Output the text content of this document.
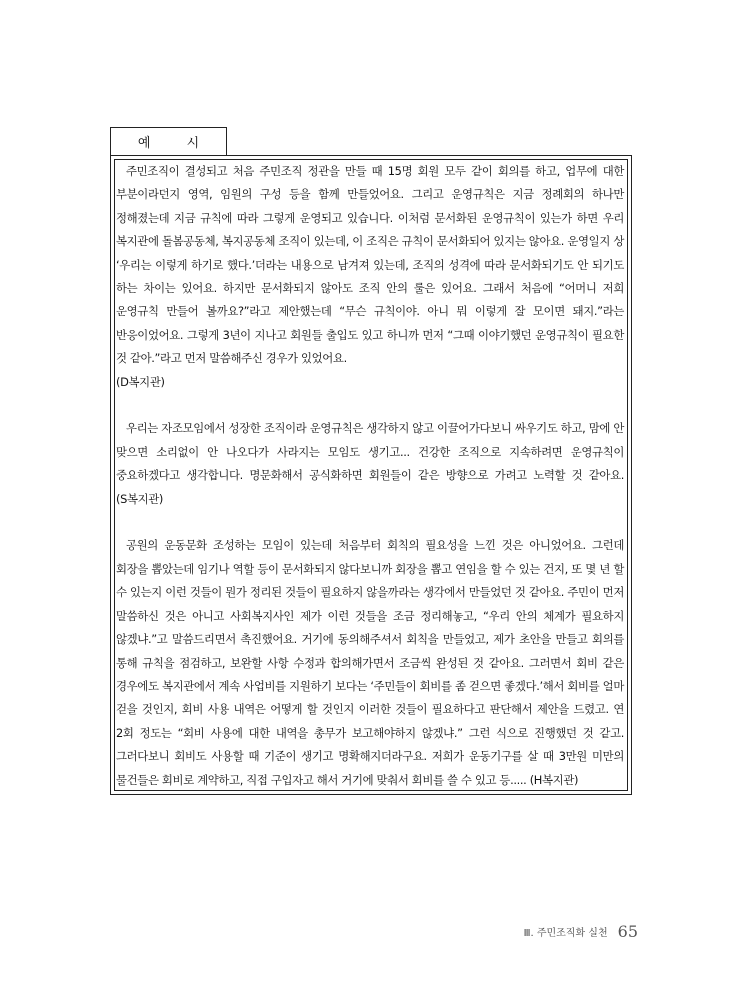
예 시

주민조직이 결성되고 처음 주민조직 정관을 만들 때 15명 회원 모두 같이 회의를 하고, 업무에 대한 부분이라던지 영역, 임원의 구성 등을 함께 만들었어요. 그리고 운영규칙은 지금 정례회의 하나만 정해졌는데 지금 규칙에 따라 그렇게 운영되고 있습니다. 이처럼 문서화된 운영규칙이 있는가 하면 우리 복지관에 돌봄공동체, 복지공동체 조직이 있는데, 이 조직은 규칙이 문서화되어 있지는 않아요. 운영일지 상 ‘우리는 이렇게 하기로 했다.’더라는 내용으로 남겨져 있는데, 조직의 성격에 따라 문서화되기도 안 되기도 하는 차이는 있어요. 하지만 문서화되지 않아도 조직 안의 룰은 있어요. 그래서 처음에 “어머니 저희 운영규칙 만들어 볼까요?”라고 제안했는데 “무슨 규칙이야. 아니 뭐 이렇게 잘 모이면 돼지.”라는 반응이었어요. 그렇게 3년이 지나고 회원들 출입도 있고 하니까 먼저 “그때 이야기했던 운영규칙이 필요한 것 같아.”라고 먼저 말씀해주신 경우가 있었어요.

(D복지관)

우리는 자조모임에서 성장한 조직이라 운영규칙은 생각하지 않고 이끌어가다보니 싸우기도 하고, 맘에 안 맞으면 소리없이 안 나오다가 사라지는 모임도 생기고... 건강한 조직으로 지속하려면 운영규칙이 중요하겠다고 생각합니다. 명문화해서 공식화하면 회원들이 같은 방향으로 가려고 노력할 것 같아요. (S복지관)

공원의 운동문화 조성하는 모임이 있는데 처음부터 회칙의 필요성을 느낀 것은 아니었어요. 그런데 회장을 뽑았는데 임기나 역할 등이 문서화되지 않다보니까 회장을 뽑고 연임을 할 수 있는 건지, 또 몇 년 할 수 있는지 이런 것들이 뭔가 정리된 것들이 필요하지 않을까라는 생각에서 만들었던 것 같아요. 주민이 먼저 말씀하신 것은 아니고 사회복지사인 제가 이런 것들을 조금 정리해놓고, “우리 안의 체계가 필요하지 않겠냐.”고 말씀드리면서 촉진했어요. 거기에 동의해주셔서 회칙을 만들었고, 제가 초안을 만들고 회의를 통해 규칙을 점검하고, 보완할 사항 수정과 합의해가면서 조금씩 완성된 것 같아요. 그러면서 회비 같은 경우에도 복지관에서 계속 사업비를 지원하기 보다는 ‘주민들이 회비를 좀 걷으면 좋겠다.’해서 회비를 얼마 걷을 것인지, 회비 사용 내역은 어떻게 할 것인지 이러한 것들이 필요하다고 판단해서 제안을 드렸고. 연 2회 정도는 “회비 사용에 대한 내역을 총무가 보고해야하지 않겠냐.” 그런 식으로 진행했던 것 같고. 그러다보니 회비도 사용할 때 기준이 생기고 명확해지더라구요. 저희가 운동기구를 살 때 3만원 미만의 물건들은 회비로 계약하고, 직접 구입자고 해서 거기에 맞춰서 회비를 쓸 수 있고 등..... (H복지관)

Ⅲ. 주민조직화 실천 65
